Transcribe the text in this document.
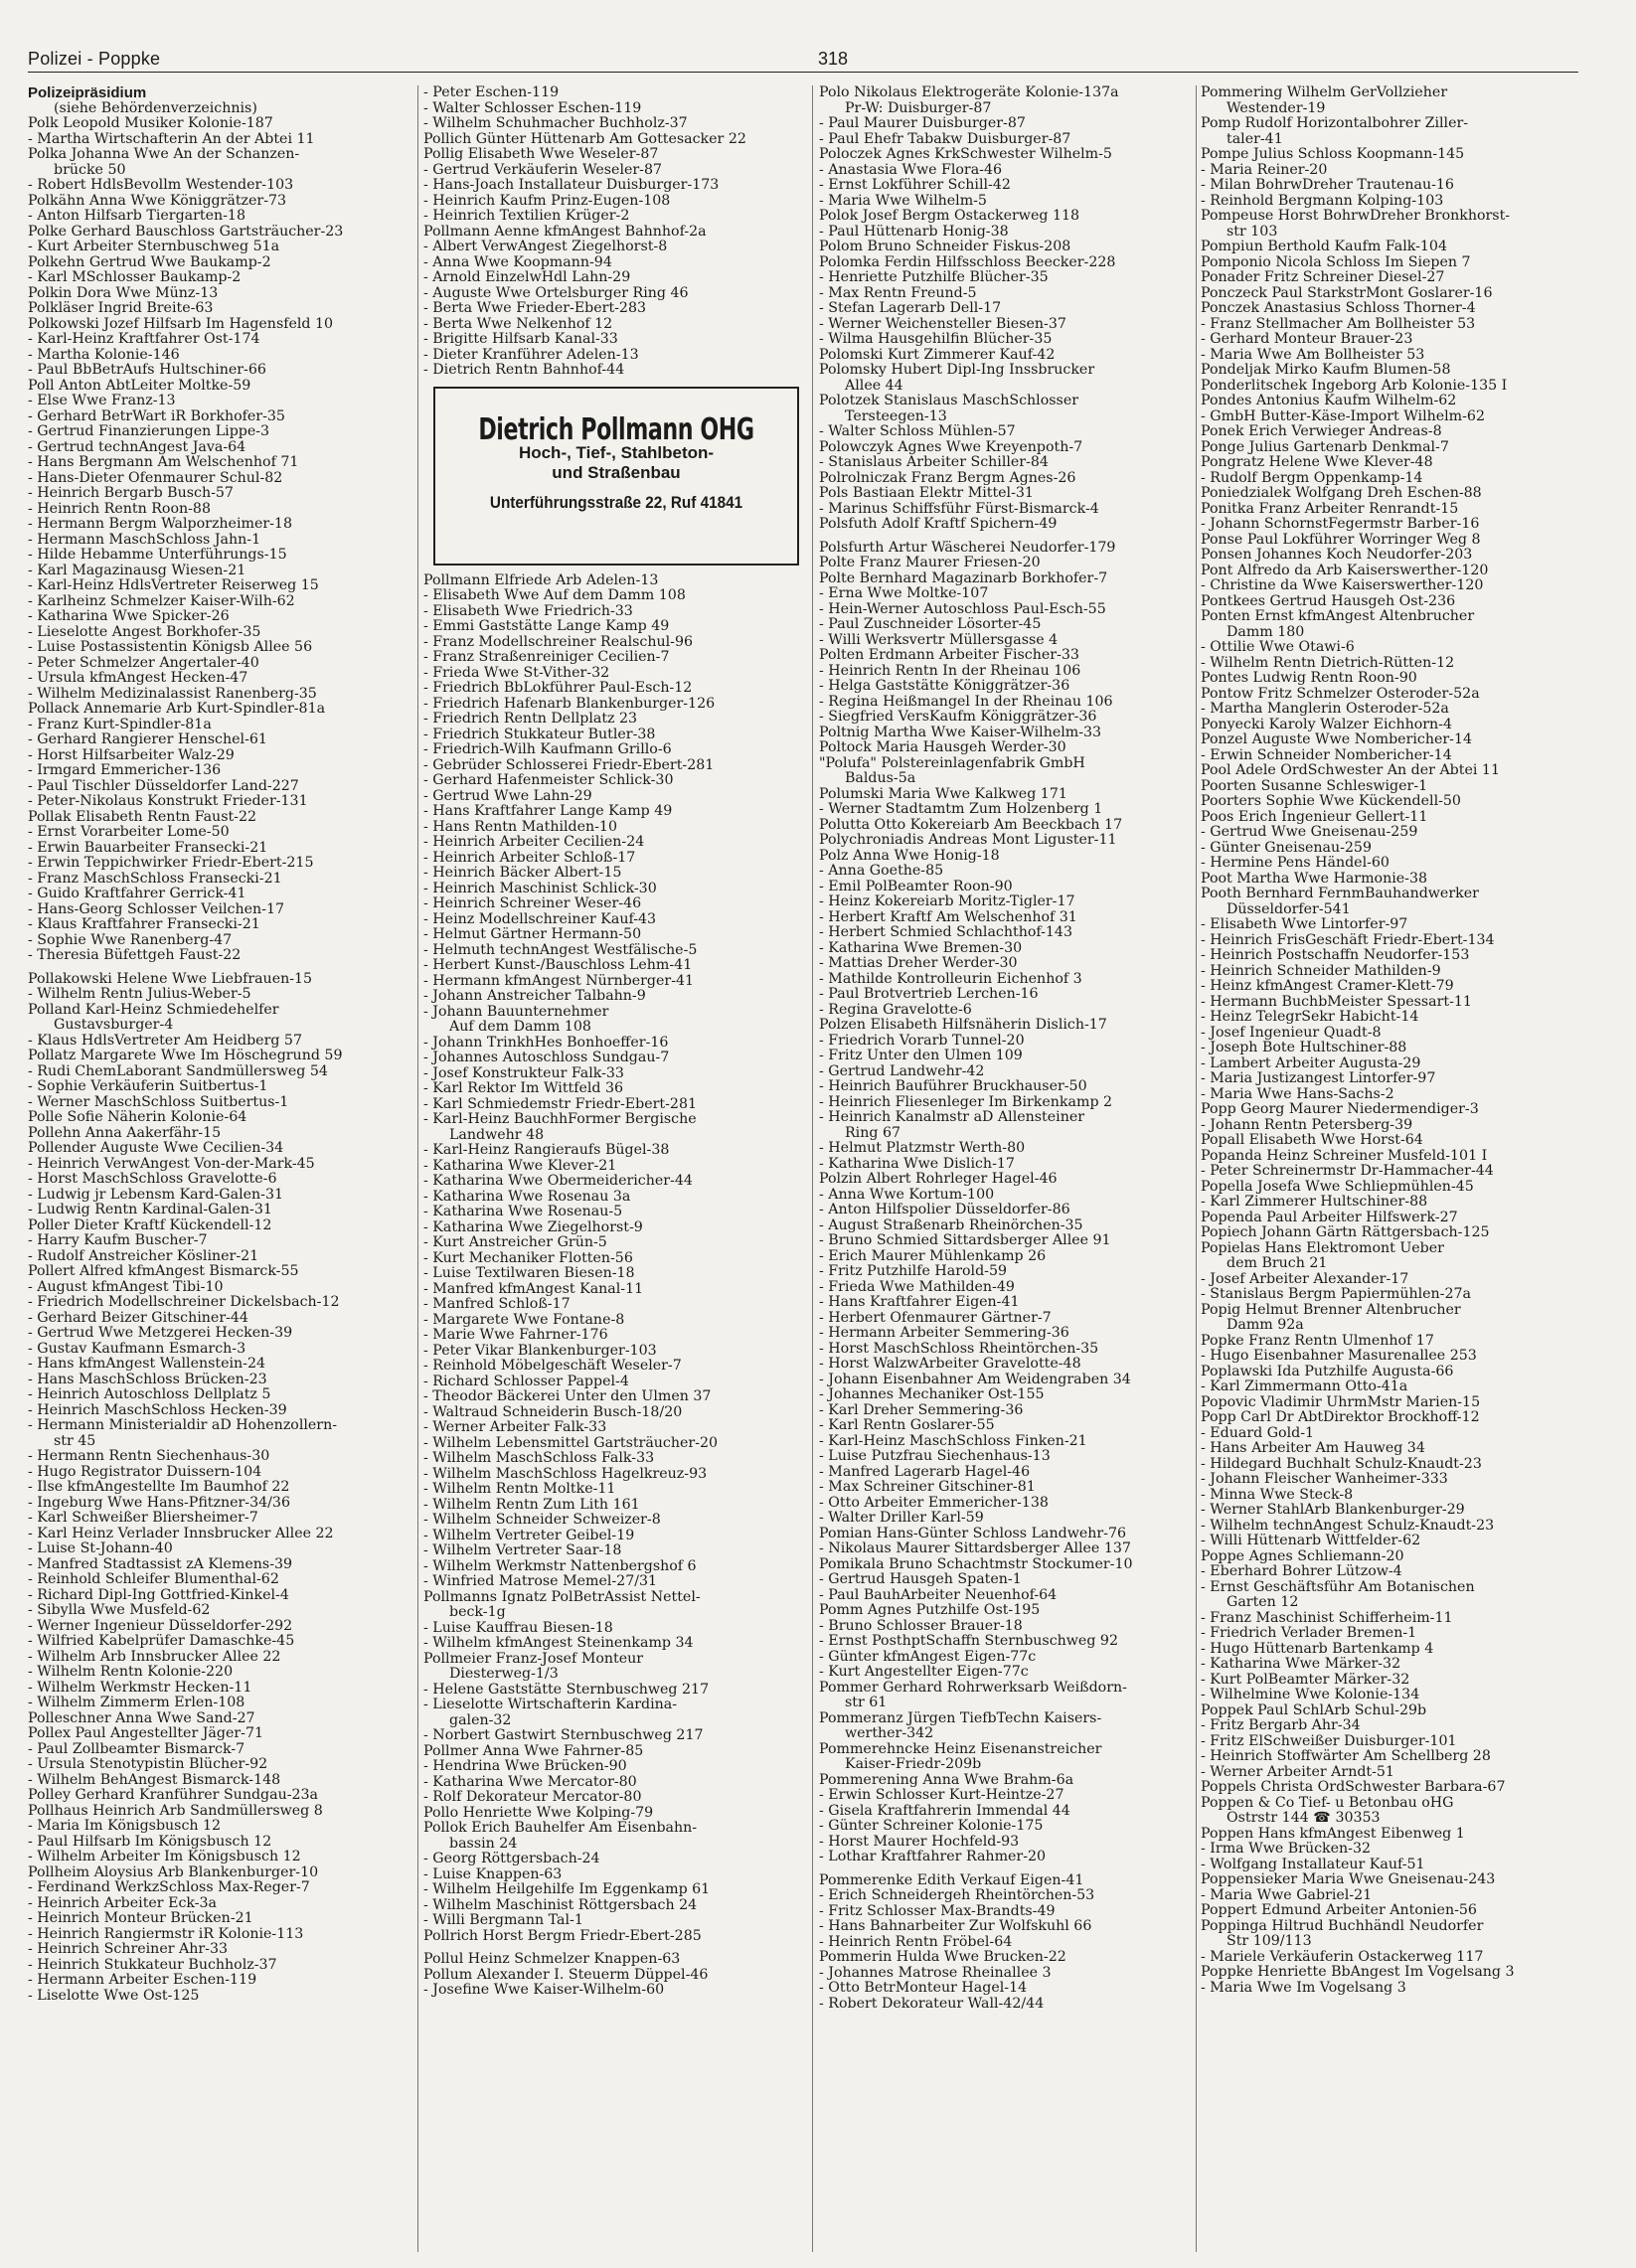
Polizei - Poppke	318
Polizeipräsidium
(siehe Behördenverzeichnis)
Polk Leopold Musiker Kolonie-187
- Martha Wirtschafterin An der Abtei 11
Polka Johanna Wwe An der Schanzen-
brücke 50
- Robert HdlsBevollm Westender-103
Polkähn Anna Wwe Königgrätzer-73
- Anton Hilfsarb Tiergarten-18
Polke Gerhard Bauschloss Gartsträucher-23
- Kurt Arbeiter Sternbuschweg 51a
Polkehn Gertrud Wwe Baukamp-2
- Karl MSchlosser Baukamp-2
Polkin Dora Wwe Münz-13
Polkläser Ingrid Breite-63
Polkowski Jozef Hilfsarb Im Hagensfeld 10
- Karl-Heinz Kraftfahrer Ost-174
- Martha Kolonie-146
- Paul BbBetrAufs Hultschiner-66
Poll Anton AbtLeiter Moltke-59
- Else Wwe Franz-13
- Gerhard BetrWart iR Borkhofer-35
- Gertrud Finanzierungen Lippe-3
- Gertrud technAngest Java-64
- Hans Bergmann Am Welschenhof 71
- Hans-Dieter Ofenmaurer Schul-82
- Heinrich Bergarb Busch-57
- Heinrich Rentn Roon-88
- Hermann Bergm Walporzheimer-18
- Hermann MaschSchloss Jahn-1
- Hilde Hebamme Unterführungs-15
- Karl Magazinausg Wiesen-21
- Karl-Heinz HdlsVertreter Reiserweg 15
- Karlheinz Schmelzer Kaiser-Wilh-62
- Katharina Wwe Spicker-26
- Lieselotte Angest Borkhofer-35
- Luise Postassistentin Königsb Allee 56
- Peter Schmelzer Angertaler-40
- Ursula kfmAngest Hecken-47
- Wilhelm Medizinalassist Ranenberg-35
Pollack Annemarie Arb Kurt-Spindler-81a
- Franz Kurt-Spindler-81a
- Gerhard Rangierer Henschel-61
- Horst Hilfsarbeiter Walz-29
- Irmgard Emmericher-136
- Paul Tischler Düsseldorfer Land-227
- Peter-Nikolaus Konstrukt Frieder-131
Pollak Elisabeth Rentn Faust-22
- Ernst Vorarbeiter Lome-50
- Erwin Bauarbeiter Fransecki-21
- Erwin Teppichwirker Friedr-Ebert-215
- Franz MaschSchloss Fransecki-21
- Guido Kraftfahrer Gerrick-41
- Hans-Georg Schlosser Veilchen-17
- Klaus Kraftfahrer Fransecki-21
- Sophie Wwe Ranenberg-47
- Theresia Büfettgeh Faust-22
Pollakowski Helene Wwe Liebfrauen-15
- Wilhelm Rentn Julius-Weber-5
Polland Karl-Heinz Schmiedehelfer
Gustavsburger-4
- Klaus HdlsVertreter Am Heidberg 57
Pollatz Margarete Wwe Im Höschegrund 59
- Rudi ChemLaborant Sandmüllersweg 54
- Sophie Verkäuferin Suitbertus-1
- Werner MaschSchloss Suitbertus-1
Polle Sofie Näherin Kolonie-64
Pollehn Anna Aakerfähr-15
Pollender Auguste Wwe Cecilien-34
- Heinrich VerwAngest Von-der-Mark-45
- Horst MaschSchloss Gravelotte-6
- Ludwig jr Lebensm Kard-Galen-31
- Ludwig Rentn Kardinal-Galen-31
Poller Dieter Kraftf Kückendell-12
- Harry Kaufm Buscher-7
- Rudolf Anstreicher Kösliner-21
Pollert Alfred kfmAngest Bismarck-55
- August kfmAngest Tibi-10
- Friedrich Modellschreiner Dickelsbach-12
- Gerhard Beizer Gitschiner-44
- Gertrud Wwe Metzgerei Hecken-39
- Gustav Kaufmann Esmarch-3
- Hans kfmAngest Wallenstein-24
- Hans MaschSchloss Brücken-23
- Heinrich Autoschloss Dellplatz 5
- Heinrich MaschSchloss Hecken-39
- Hermann Ministerialdir aD Hohenzollern-
str 45
- Hermann Rentn Siechenhaus-30
- Hugo Registrator Duissern-104
- Ilse kfmAngestellte Im Baumhof 22
- Ingeburg Wwe Hans-Pfitzner-34/36
- Karl Schweißer Bliersheimer-7
- Karl Heinz Verlader Innsbrucker Allee 22
- Luise St-Johann-40
- Manfred Stadtassist zA Klemens-39
- Reinhold Schleifer Blumenthal-62
- Richard Dipl-Ing Gottfried-Kinkel-4
- Sibylla Wwe Musfeld-62
- Werner Ingenieur Düsseldorfer-292
- Wilfried Kabelprüfer Damaschke-45
- Wilhelm Arb Innsbrucker Allee 22
- Wilhelm Rentn Kolonie-220
- Wilhelm Werkmstr Hecken-11
- Wilhelm Zimmerm Erlen-108
Polleschner Anna Wwe Sand-27
Pollex Paul Angestellter Jäger-71
- Paul Zollbeamter Bismarck-7
- Ursula Stenotypistin Blücher-92
- Wilhelm BehAngest Bismarck-148
Polley Gerhard Kranführer Sundgau-23a
Pollhaus Heinrich Arb Sandmüllersweg 8
- Maria Im Königsbusch 12
- Paul Hilfsarb Im Königsbusch 12
- Wilhelm Arbeiter Im Königsbusch 12
Pollheim Aloysius Arb Blankenburger-10
- Ferdinand WerkzSchloss Max-Reger-7
- Heinrich Arbeiter Eck-3a
- Heinrich Monteur Brücken-21
- Heinrich Rangiermstr iR Kolonie-113
- Heinrich Schreiner Ahr-33
- Heinrich Stukkateur Buchholz-37
- Hermann Arbeiter Eschen-119
- Liselotte Wwe Ost-125
- Peter Eschen-119
- Walter Schlosser Eschen-119
- Wilhelm Schuhmacher Buchholz-37
Pollich Günter Hüttenarb Am Gottesacker 22
Pollig Elisabeth Wwe Weseler-87
- Gertrud Verkäuferin Weseler-87
- Hans-Joach Installateur Duisburger-173
- Heinrich Kaufm Prinz-Eugen-108
- Heinrich Textilien Krüger-2
Pollmann Aenne kfmAngest Bahnhof-2a
- Albert VerwAngest Ziegelhorst-8
- Anna Wwe Koopmann-94
- Arnold EinzelwHdl Lahn-29
- Auguste Wwe Ortelsburger Ring 46
- Berta Wwe Frieder-Ebert-283
- Berta Wwe Nelkenhof 12
- Brigitte Hilfsarb Kanal-33
- Dieter Kranführer Adelen-13
- Dietrich Rentn Bahnhof-44
Dietrich Pollmann OHG
Hoch-, Tief-, Stahlbeton-
und Straßenbau
Unterführungsstraße 22, Ruf 41841
Pollmann Elfriede Arb Adelen-13
- Elisabeth Wwe Auf dem Damm 108
- Elisabeth Wwe Friedrich-33
- Emmi Gaststätte Lange Kamp 49
- Franz Modellschreiner Realschul-96
- Franz Straßenreiniger Cecilien-7
- Frieda Wwe St-Vither-32
- Friedrich BbLokführer Paul-Esch-12
- Friedrich Hafenarb Blankenburger-126
- Friedrich Rentn Dellplatz 23
- Friedrich Stukkateur Butler-38
- Friedrich-Wilh Kaufmann Grillo-6
- Gebrüder Schlosserei Friedr-Ebert-281
- Gerhard Hafenmeister Schlick-30
- Gertrud Wwe Lahn-29
- Hans Kraftfahrer Lange Kamp 49
- Hans Rentn Mathilden-10
- Heinrich Arbeiter Cecilien-24
- Heinrich Arbeiter Schloß-17
- Heinrich Bäcker Albert-15
- Heinrich Maschinist Schlick-30
- Heinrich Schreiner Weser-46
- Heinz Modellschreiner Kauf-43
- Helmut Gärtner Hermann-50
- Helmuth technAngest Westfälische-5
- Herbert Kunst-/Bauschloss Lehm-41
- Hermann kfmAngest Nürnberger-41
- Johann Anstreicher Talbahn-9
- Johann Bauunternehmer
Auf dem Damm 108
- Johann TrinkhHes Bonhoeffer-16
- Johannes Autoschloss Sundgau-7
- Josef Konstrukteur Falk-33
- Karl Rektor Im Wittfeld 36
- Karl Schmiedemstr Friedr-Ebert-281
- Karl-Heinz BauchhFormer Bergische
Landwehr 48
- Karl-Heinz Rangieraufs Bügel-38
- Katharina Wwe Klever-21
- Katharina Wwe Obermeidericher-44
- Katharina Wwe Rosenau 3a
- Katharina Wwe Rosenau-5
- Katharina Wwe Ziegelhorst-9
- Kurt Anstreicher Grün-5
- Kurt Mechaniker Flotten-56
- Luise Textilwaren Biesen-18
- Manfred kfmAngest Kanal-11
- Manfred Schloß-17
- Margarete Wwe Fontane-8
- Marie Wwe Fahrner-176
- Peter Vikar Blankenburger-103
- Reinhold Möbelgeschäft Weseler-7
- Richard Schlosser Pappel-4
- Theodor Bäckerei Unter den Ulmen 37
- Waltraud Schneiderin Busch-18/20
- Werner Arbeiter Falk-33
- Wilhelm Lebensmittel Gartsträucher-20
- Wilhelm MaschSchloss Falk-33
- Wilhelm MaschSchloss Hagelkreuz-93
- Wilhelm Rentn Moltke-11
- Wilhelm Rentn Zum Lith 161
- Wilhelm Schneider Schweizer-8
- Wilhelm Vertreter Geibel-19
- Wilhelm Vertreter Saar-18
- Wilhelm Werkmstr Nattenbergshof 6
- Winfried Matrose Memel-27/31
Pollmanns Ignatz PolBetrAssist Nettel-
beck-1g
- Luise Kauffrau Biesen-18
- Wilhelm kfmAngest Steinenkamp 34
Pollmeier Franz-Josef Monteur
Diesterweg-1/3
- Helene Gaststätte Sternbuschweg 217
- Lieselotte Wirtschafterin Kardina-
galen-32
- Norbert Gastwirt Sternbuschweg 217
Pollmer Anna Wwe Fahrner-85
- Hendrina Wwe Brücken-90
- Katharina Wwe Mercator-80
- Rolf Dekorateur Mercator-80
Pollo Henriette Wwe Kolping-79
Pollok Erich Bauhelfer Am Eisenbahn-
bassin 24
- Georg Röttgersbach-24
- Luise Knappen-63
- Wilhelm Heilgehilfe Im Eggenkamp 61
- Wilhelm Maschinist Röttgersbach 24
- Willi Bergmann Tal-1
Pollrich Horst Bergm Friedr-Ebert-285
Pollul Heinz Schmelzer Knappen-63
Pollum Alexander I. Steuerm Düppel-46
- Josefine Wwe Kaiser-Wilhelm-60
Polo Nikolaus Elektrogeräte Kolonie-137a
Pr-W: Duisburger-87
- Paul Maurer Duisburger-87
- Paul Ehefr Tabakw Duisburger-87
Poloczek Agnes KrkSchwester Wilhelm-5
- Anastasia Wwe Flora-46
- Ernst Lokführer Schill-42
- Maria Wwe Wilhelm-5
Polok Josef Bergm Ostackerweg 118
- Paul Hüttenarb Honig-38
Polom Bruno Schneider Fiskus-208
Polomka Ferdin Hilfsschloss Beecker-228
- Henriette Putzhilfe Blücher-35
- Max Rentn Freund-5
- Stefan Lagerarb Dell-17
- Werner Weichensteller Biesen-37
- Wilma Hausgehilfin Blücher-35
Polomski Kurt Zimmerer Kauf-42
Polomsky Hubert Dipl-Ing Inssbrucker
Allee 44
Polotzek Stanislaus MaschSchlosser
Tersteegen-13
- Walter Schloss Mühlen-57
Polowczyk Agnes Wwe Kreyenpoth-7
- Stanislaus Arbeiter Schiller-84
Polrolniczak Franz Bergm Agnes-26
Pols Bastiaan Elektr Mittel-31
- Marinus Schiffsführ Fürst-Bismarck-4
Polsfuth Adolf Kraftf Spichern-49
Polsfurth Artur Wäscherei Neudorfer-179
Polte Franz Maurer Friesen-20
Polte Bernhard Magazinarb Borkhofer-7
- Erna Wwe Moltke-107
- Hein-Werner Autoschloss Paul-Esch-55
- Paul Zuschneider Lösorter-45
- Willi Werksvertr Müllersgasse 4
Polten Erdmann Arbeiter Fischer-33
- Heinrich Rentn In der Rheinau 106
- Helga Gaststätte Königgrätzer-36
- Regina Heißmangel In der Rheinau 106
- Siegfried VersKaufm Königgrätzer-36
Poltnig Martha Wwe Kaiser-Wilhelm-33
Poltock Maria Hausgeh Werder-30
"Polufa" Polstereinlagenfabrik GmbH
Baldus-5a
Polumski Maria Wwe Kalkweg 171
- Werner Stadtamtm Zum Holzenberg 1
Polutta Otto Kokereiarb Am Beeckbach 17
Polychroniadis Andreas Mont Liguster-11
Polz Anna Wwe Honig-18
- Anna Goethe-85
- Emil PolBeamter Roon-90
- Heinz Kokereiarb Moritz-Tigler-17
- Herbert Kraftf Am Welschenhof 31
- Herbert Schmied Schlachthof-143
- Katharina Wwe Bremen-30
- Mattias Dreher Werder-30
- Mathilde Kontrolleurin Eichenhof 3
- Paul Brotvertrieb Lerchen-16
- Regina Gravelotte-6
Polzen Elisabeth Hilfsnäherin Dislich-17
- Friedrich Vorarb Tunnel-20
- Fritz Unter den Ulmen 109
- Gertrud Landwehr-42
- Heinrich Bauführer Bruckhauser-50
- Heinrich Fliesenleger Im Birkenkamp 2
- Heinrich Kanalmstr aD Allensteiner
Ring 67
- Helmut Platzmstr Werth-80
- Katharina Wwe Dislich-17
Polzin Albert Rohrleger Hagel-46
- Anna Wwe Kortum-100
- Anton Hilfspolier Düsseldorfer-86
- August Straßenarb Rheinörchen-35
- Bruno Schmied Sittardsberger Allee 91
- Erich Maurer Mühlenkamp 26
- Fritz Putzhilfe Harold-59
- Frieda Wwe Mathilden-49
- Hans Kraftfahrer Eigen-41
- Herbert Ofenmaurer Gärtner-7
- Hermann Arbeiter Semmering-36
- Horst MaschSchloss Rheintörchen-35
- Horst WalzwArbeiter Gravelotte-48
- Johann Eisenbahner Am Weidengraben 34
- Johannes Mechaniker Ost-155
- Karl Dreher Semmering-36
- Karl Rentn Goslarer-55
- Karl-Heinz MaschSchloss Finken-21
- Luise Putzfrau Siechenhaus-13
- Manfred Lagerarb Hagel-46
- Max Schreiner Gitschiner-81
- Otto Arbeiter Emmericher-138
- Walter Driller Karl-59
Pomian Hans-Günter Schloss Landwehr-76
- Nikolaus Maurer Sittardsberger Allee 137
Pomikala Bruno Schachtmstr Stockumer-10
- Gertrud Hausgeh Spaten-1
- Paul BauhArbeiter Neuenhof-64
Pomm Agnes Putzhilfe Ost-195
- Bruno Schlosser Brauer-18
- Ernst PosthptSchaffn Sternbuschweg 92
- Günter kfmAngest Eigen-77c
- Kurt Angestellter Eigen-77c
Pommer Gerhard Rohrwerksarb Weißdorn-
str 61
Pommeranz Jürgen TiefbTechn Kaisers-
werther-342
Pommerehncke Heinz Eisenanstreicher
Kaiser-Friedr-209b
Pommerening Anna Wwe Brahm-6a
- Erwin Schlosser Kurt-Heintze-27
- Gisela Kraftfahrerin Immendal 44
- Günter Schreiner Kolonie-175
- Horst Maurer Hochfeld-93
- Lothar Kraftfahrer Rahmer-20
Pommerenke Edith Verkauf Eigen-41
- Erich Schneidergeh Rheintörchen-53
- Fritz Schlosser Max-Brandts-49
- Hans Bahnarbeiter Zur Wolfskuhl 66
- Heinrich Rentn Fröbel-64
Pommerin Hulda Wwe Brucken-22
- Johannes Matrose Rheinallee 3
- Otto BetrMonteur Hagel-14
- Robert Dekorateur Wall-42/44
Pommering Wilhelm GerVollzieher
Westender-19
Pomp Rudolf Horizontalbohrer Ziller-
taler-41
Pompe Julius Schloss Koopmann-145
- Maria Reiner-20
- Milan BohrwDreher Trautenau-16
- Reinhold Bergmann Kolping-103
Pompeuse Horst BohrwDreher Bronkhorst-
str 103
Pompiun Berthold Kaufm Falk-104
Pomponio Nicola Schloss Im Siepen 7
Ponader Fritz Schreiner Diesel-27
Ponczeck Paul StarkstrMont Goslarer-16
Ponczek Anastasius Schloss Thorner-4
- Franz Stellmacher Am Bollheister 53
- Gerhard Monteur Brauer-23
- Maria Wwe Am Bollheister 53
Pondeljak Mirko Kaufm Blumen-58
Ponderlitschek Ingeborg Arb Kolonie-135 I
Pondes Antonius Kaufm Wilhelm-62
- GmbH Butter-Käse-Import Wilhelm-62
Ponek Erich Verwieger Andreas-8
Ponge Julius Gartenarb Denkmal-7
Pongratz Helene Wwe Klever-48
- Rudolf Bergm Oppenkamp-14
Poniedzialek Wolfgang Dreh Eschen-88
Ponitka Franz Arbeiter Renrandt-15
- Johann SchornstFegermstr Barber-16
Ponse Paul Lokführer Worringer Weg 8
Ponsen Johannes Koch Neudorfer-203
Pont Alfredo da Arb Kaiserswerther-120
- Christine da Wwe Kaiserswerther-120
Pontkees Gertrud Hausgeh Ost-236
Ponten Ernst kfmAngest Altenbrucher
Damm 180
- Ottilie Wwe Otawi-6
- Wilhelm Rentn Dietrich-Rütten-12
Pontes Ludwig Rentn Roon-90
Pontow Fritz Schmelzer Osteroder-52a
- Martha Manglerin Osteroder-52a
Ponyecki Karoly Walzer Eichhorn-4
Ponzel Auguste Wwe Nombericher-14
- Erwin Schneider Nombericher-14
Pool Adele OrdSchwester An der Abtei 11
Poorten Susanne Schleswiger-1
Poorters Sophie Wwe Kückendell-50
Poos Erich Ingenieur Gellert-11
- Gertrud Wwe Gneisenau-259
- Günter Gneisenau-259
- Hermine Pens Händel-60
Poot Martha Wwe Harmonie-38
Pooth Bernhard FernmBauhandwerker
Düsseldorfer-541
- Elisabeth Wwe Lintorfer-97
- Heinrich FrisGeschäft Friedr-Ebert-134
- Heinrich Postschaffn Neudorfer-153
- Heinrich Schneider Mathilden-9
- Heinz kfmAngest Cramer-Klett-79
- Hermann BuchbMeister Spessart-11
- Heinz TelegrSekr Habicht-14
- Josef Ingenieur Quadt-8
- Joseph Bote Hultschiner-88
- Lambert Arbeiter Augusta-29
- Maria Justizangest Lintorfer-97
- Maria Wwe Hans-Sachs-2
Popp Georg Maurer Niedermendiger-3
- Johann Rentn Petersberg-39
Popall Elisabeth Wwe Horst-64
Popanda Heinz Schreiner Musfeld-101 I
- Peter Schreinermstr Dr-Hammacher-44
Popella Josefa Wwe Schliepmühlen-45
- Karl Zimmerer Hultschiner-88
Popenda Paul Arbeiter Hilfswerk-27
Popiech Johann Gärtn Rättgersbach-125
Popielas Hans Elektromont Ueber
dem Bruch 21
- Josef Arbeiter Alexander-17
- Stanislaus Bergm Papiermühlen-27a
Popig Helmut Brenner Altenbrucher
Damm 92a
Popke Franz Rentn Ulmenhof 17
- Hugo Eisenbahner Masurenallee 253
Poplawski Ida Putzhilfe Augusta-66
- Karl Zimmermann Otto-41a
Popovic Vladimir UhrmMstr Marien-15
Popp Carl Dr AbtDirektor Brockhoff-12
- Eduard Gold-1
- Hans Arbeiter Am Hauweg 34
- Hildegard Buchhalt Schulz-Knaudt-23
- Johann Fleischer Wanheimer-333
- Minna Wwe Steck-8
- Werner StahlArb Blankenburger-29
- Wilhelm technAngest Schulz-Knaudt-23
- Willi Hüttenarb Wittfelder-62
Poppe Agnes Schliemann-20
- Eberhard Bohrer Lützow-4
- Ernst Geschäftsführ Am Botanischen
Garten 12
- Franz Maschinist Schifferheim-11
- Friedrich Verlader Bremen-1
- Hugo Hüttenarb Bartenkamp 4
- Katharina Wwe Märker-32
- Kurt PolBeamter Märker-32
- Wilhelmine Wwe Kolonie-134
Poppek Paul SchlArb Schul-29b
- Fritz Bergarb Ahr-34
- Fritz ElSchweißer Duisburger-101
- Heinrich Stoffwärter Am Schellberg 28
- Werner Arbeiter Arndt-51
Poppels Christa OrdSchwester Barbara-67
Poppen & Co Tief- u Betonbau oHG
Ostrstr 144 ☎ 30353
Poppen Hans kfmAngest Eibenweg 1
- Irma Wwe Brücken-32
- Wolfgang Installateur Kauf-51
Poppensieker Maria Wwe Gneisenau-243
- Maria Wwe Gabriel-21
Poppert Edmund Arbeiter Antonien-56
Poppinga Hiltrud Buchhändl Neudorfer
Str 109/113
- Mariele Verkäuferin Ostackerweg 117
Poppke Henriette BbAngest Im Vogelsang 3
- Maria Wwe Im Vogelsang 3
